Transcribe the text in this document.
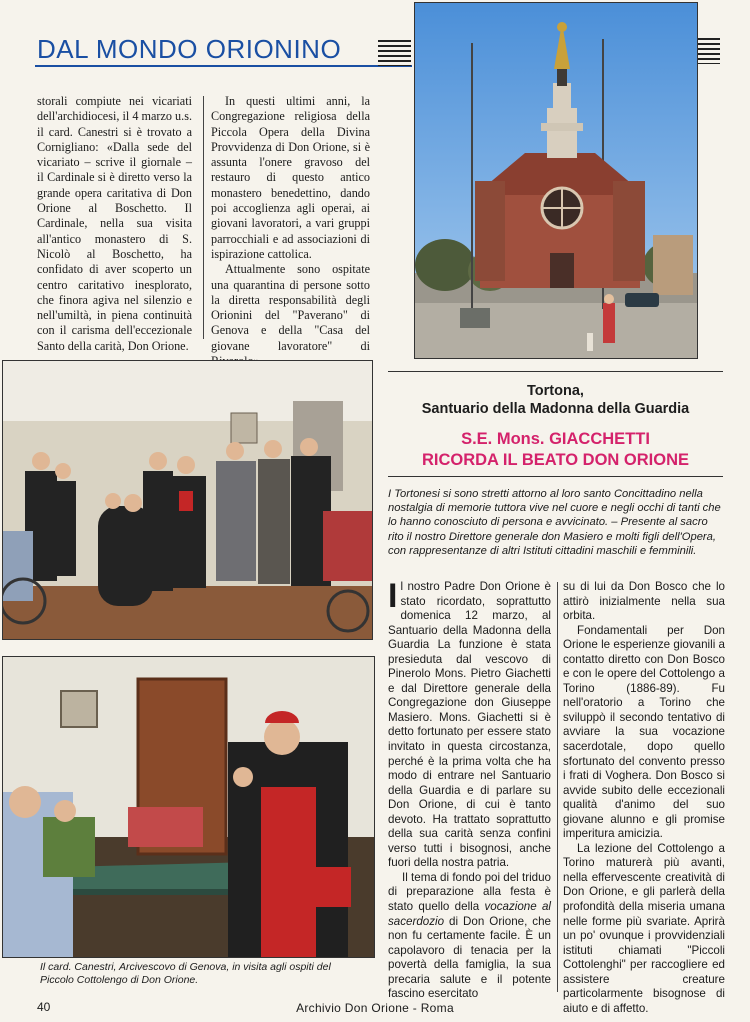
DAL MONDO ORIONINO

storali compiute nei vicariati dell'archidiocesi, il 4 marzo u.s. il card. Canestri si è trovato a Cornigliano: «Dalla sede del vicariato – scrive il giornale – il Cardinale si è diretto verso la grande opera caritativa di Don Orione al Boschetto. Il Cardinale, nella sua visita all'antico monastero di S. Nicolò al Boschetto, ha confidato di aver scoperto un centro caritativo inesplorato, che finora agiva nel silenzio e nell'umiltà, in piena continuità con il carisma dell'eccezionale Santo della carità, Don Orione.

In questi ultimi anni, la Congregazione religiosa della Piccola Opera della Divina Provvidenza di Don Orione, si è assunta l'onere gravoso del restauro di questo antico monastero benedettino, dando poi accoglienza agli operai, ai giovani lavoratori, a vari gruppi parrocchiali e ad associazioni di ispirazione cattolica.

Attualmente sono ospitate una quarantina di persone sotto la diretta responsabilità degli Orionini del "Paverano" di Genova e della "Casa del giovane lavoratore" di

Tortona,
Santuario della Madonna della Guardia
S.E. Mons. GIACCHETTI
RICORDA IL BEATO DON ORIONE
I Tortonesi si sono stretti attorno al loro santo Concittadino nella nostalgia di memorie tuttora vive nel cuore e negli occhi di tanti che lo hanno conosciuto di persona e avvicinato. – Presente al sacro rito il nostro Direttore generale don Masiero e molti figli dell'Opera, con rappresentanze di altri Istituti cittadini maschili e femminili.

Il nostro Padre Don Orione è stato ricordato, soprattutto domenica 12 marzo, al Santuario della Madonna della Guardia La funzione è stata presieduta dal vescovo di Pinerolo Mons. Pietro Giachetti e dal Direttore generale della Congregazione don Giuseppe Masiero. Mons. Giachetti si è detto fortunato per essere stato invitato in questa circostanza, perché è la prima volta che ha modo di entrare nel Santuario della Guardia e di parlare su Don Orione, di cui è tanto devoto. Ha trattato soprattutto della sua carità senza confini verso tutti i bisognosi, anche fuori della nostra patria.

Il tema di fondo poi del triduo di preparazione alla festa è stato quello della vocazione al sacerdozio di Don Orione, che non fu certamente facile. È un capolavoro di tenacia per la povertà della famiglia, la sua precaria salute e il potente fascino esercitato

su di lui da Don Bosco che lo attirò inizialmente nella sua orbita.

Fondamentali per Don Orione le esperienze giovanili a contatto diretto con Don Bosco e con le opere del Cottolengo a Torino (1886-89). Fu nell'oratorio a Torino che sviluppò il secondo tentativo di avviare la sua vocazione sacerdotale, dopo quello sfortunato del convento presso i frati di Voghera. Don Bosco si avvide subito delle eccezionali qualità d'animo del suo giovane alunno e gli promise imperitura amicizia.

La lezione del Cottolengo a Torino maturerà più avanti, nella effervescente creatività di Don Orione, e gli parlerà della profondità della miseria umana nelle forme più svariate. Aprirà un po' ovunque i provvidenziali istituti chiamati "Piccoli Cottolenghi" per raccogliere ed assistere creature particolarmente bisognose di aiuto e di affetto.

Il card. Canestri, Arcivescovo di Genova, in visita agli ospiti del Piccolo Cottolengo di Don Orione.
40	Archivio Don Orione - Roma
